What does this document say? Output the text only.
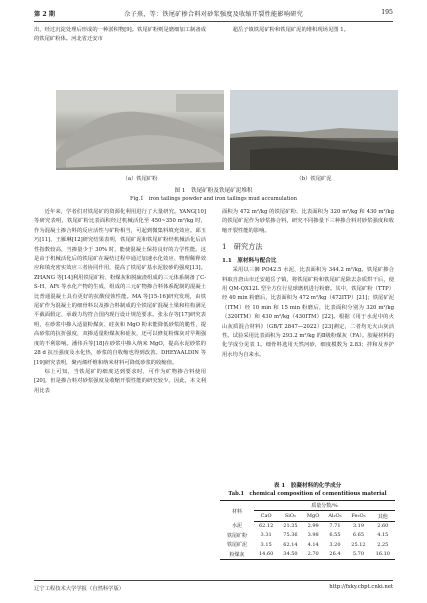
第 2 期	佘子熹，等：铁尾矿掺合料对砂浆强度及收缩开裂性能影响研究	195

出，经过沉淀处理后形成的一种淤积物[9]。铁尾矿粉则是磨细加工制备成的铁尾矿粉体。河北省迁安市

超岳子镇铁尾矿粉和铁尾矿泥的堆积现场见图 1。

（a）铁尾矿粉	（b）铁尾矿泥
图 1　铁尾矿粉及铁尾矿泥堆积
Fig.1　iron tailings powder and iron tailings mud accumulation

近年来，学者们对铁尾矿的资源化利用进行了大量研究。YANG[10]等研究表明，铁尾矿粉比表面积经过机械活化至 450~350 m²/kg 时，作为混凝土掺合料的反应活性与矿粉相当，可起到微集料填充效应。邱玉巧[11]、王雁琳[12]研究结果表明，铁尾矿泥和铁尾矿粉经机械活化后活性指数较高，当掺量少于 30% 时，能使混凝土保持良好的力学性能。这是由于机械活化后的铁尾矿在凝结过程中通过加速水化效应、物理稀释效应和填充密实效应三者协同作用，提高了铁尾矿基水泥胶砂的强度[13]。ZHANG 等[14]利用铁尾矿粉、粉煤灰和脱硫渣组成的三元体系制备了C-S-H、AFt 等水化产物的生成，组成的三元矿物掺合料体系配制的混凝土比普通混凝土具有更好的抗酸侵蚀性能。MA 等[15-16]研究发现，由铁尾矿作为混凝土的细骨料以及掺合料制成的全铁尾矿混凝土梁和柱构满足平截面假定、承载力均符合国内现行设计规范要求。张永存等[17]研究表明，在砂浆中掺入适量粉煤灰、硅灰和 MgO 粉末能降低砂浆的脆性，提高砂浆的抗折强度，双掺适量粉煤灰和硅灰，还可以修复粉煤灰对早期强度的不利影响。潘伟兵等[18]在砂浆中掺入纳米 MgO，提高水泥砂浆的 28 d 抗压强度及水化热，砂浆的自收缩也得到改善。DHEYAALDIN 等[19]研究表明，聚丙烯纤维和纳米材料可降低砂浆的收缩值。

综上可知，当铁尾矿的细度达到要求时，可作为矿物掺合料使用[20]，但是掺合料对砂浆强度及收缩开裂性能的研究较少。因此，本文利用比表

面积为 472 m²/kg 的铁尾矿粉、比表面积为 320 m²/kg 和 430 m²/kg 的铁尾矿泥作为砂浆掺合料，研究不同掺量下三种掺合料对砂浆强度和收缩开裂性能的影响。

1　研究方法
1.1　原材料与配合比

采用以三狮 PO42.5 水泥，比表面积为 344.2 m²/kg。铁尾矿掺合料取自唐山市迁安超岳子镇，将铁尾矿粉和铁尾矿泥除去杂质烘干后，使用 QM-QX12L 型全方位行星球磨机进行粉磨。其中，铁尾矿粉（TTP）经 40 min 粉磨后，比表面积为 472 m²/kg（472ITP）[21]；铁尾矿泥（ITM）经 10 min 和 15 min 粉磨后，比表面积分别为 320 m²/kg（320ITM）和 430 m²/kg（430ITM）[22]。根据《用于水泥中的火山灰质混合材料》（GB/T 2847—2022）[23]测定，二者均无火山灰活性。试验采用比表面积为 293.2 m²/kg 的Ⅱ级粉煤灰（FA）。胶凝材料的化学成分见表 1。细骨料选用天然河砂，细度模数为 2.83；拌和及养护用水均为自来水。

表 1　胶凝材料的化学成分
Tab.1　chemical composition of cementitious material
材料	质量分数/%					
	CaO	SiO₂	MgO	Al₂O₃	Fe₂O₃	其他
水泥	62.12	21.35	2.99	7.71	3.19	2.60
铁尾矿粉	3.31	75.36	3.98	6.55	6.65	4.15
铁尾矿泥	3.15	62.14	4.14	3.20	25.12	2.25
粉煤灰	14.60	34.50	2.70	26.4	5.70	16.10
辽宁工程技术大学学报（自然科学版）	http://fxky.cbpt.cnki.net
